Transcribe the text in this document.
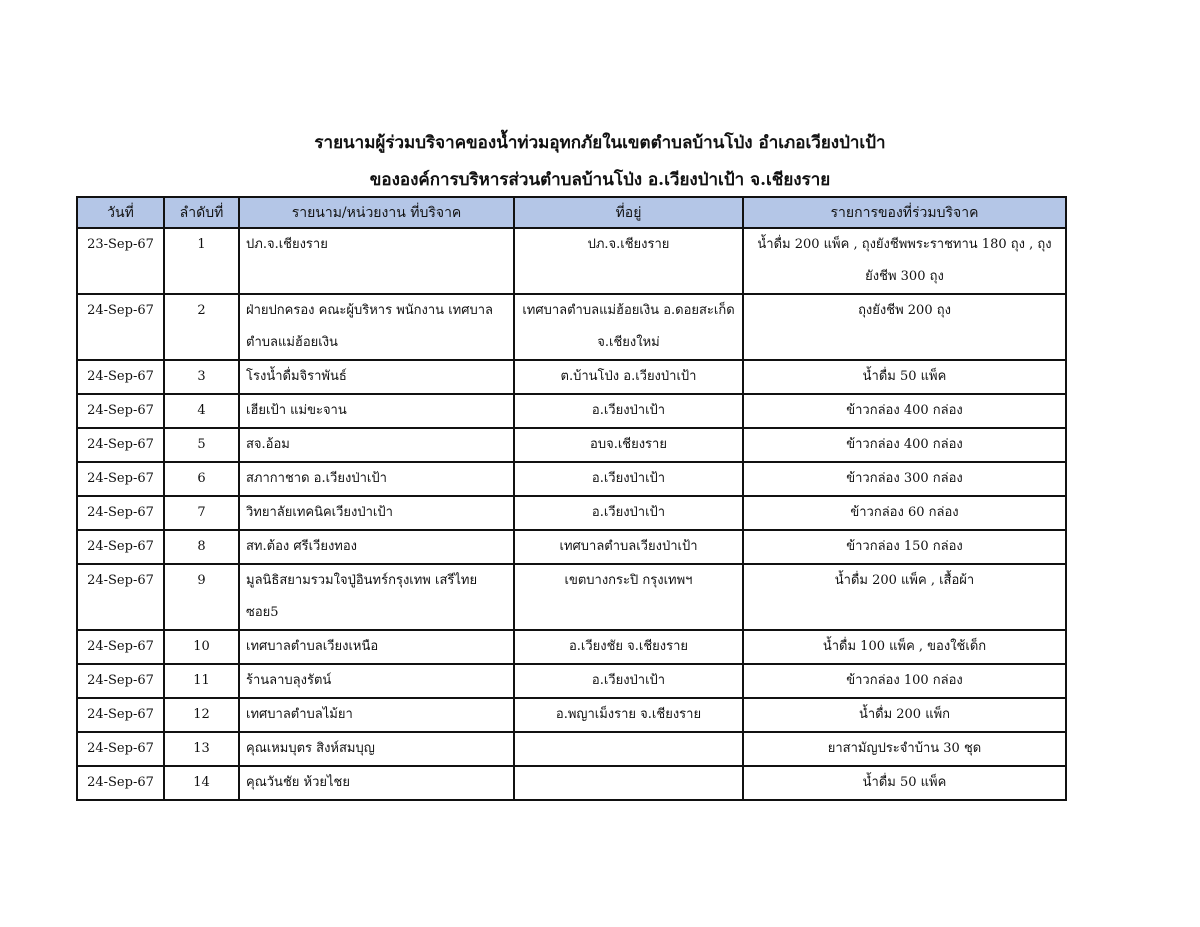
รายนามผู้ร่วมบริจาคของน้ำท่วมอุทกภัยในเขตตำบลบ้านโป่ง อำเภอเวียงป่าเป้า
ขององค์การบริหารส่วนตำบลบ้านโป่ง อ.เวียงป่าเป้า จ.เชียงราย
วันที่	ลำดับที่	รายนาม/หน่วยงาน ที่บริจาค	ที่อยู่	รายการของที่ร่วมบริจาค
23-Sep-67	1	ปภ.จ.เชียงราย	ปภ.จ.เชียงราย	น้ำดื่ม 200 แพ็ค , ถุงยังชีพพระราชทาน 180 ถุง , ถุงยังชีพ 300 ถุง
24-Sep-67	2	ฝ่ายปกครอง คณะผู้บริหาร พนักงาน เทศบาลตำบลแม่ฮ้อยเงิน	เทศบาลตำบลแม่ฮ้อยเงิน อ.ดอยสะเก็ด จ.เชียงใหม่	ถุงยังชีพ 200 ถุง
24-Sep-67	3	โรงน้ำดื่มจิราพันธ์	ต.บ้านโป่ง อ.เวียงป่าเป้า	น้ำดื่ม 50 แพ็ค
24-Sep-67	4	เฮียเป้า แม่ขะจาน	อ.เวียงป่าเป้า	ข้าวกล่อง 400 กล่อง
24-Sep-67	5	สจ.อ้อม	อบจ.เชียงราย	ข้าวกล่อง 400 กล่อง
24-Sep-67	6	สภากาชาด อ.เวียงป่าเป้า	อ.เวียงป่าเป้า	ข้าวกล่อง 300 กล่อง
24-Sep-67	7	วิทยาลัยเทคนิคเวียงป่าเป้า	อ.เวียงป่าเป้า	ข้าวกล่อง 60 กล่อง
24-Sep-67	8	สท.ต้อง ศรีเวียงทอง	เทศบาลตำบลเวียงป่าเป้า	ข้าวกล่อง 150 กล่อง
24-Sep-67	9	มูลนิธิสยามรวมใจปู่อินทร์กรุงเทพ เสรีไทย ซอย5	เขตบางกระปิ กรุงเทพฯ	น้ำดื่ม 200 แพ็ค , เสื้อผ้า
24-Sep-67	10	เทศบาลตำบลเวียงเหนือ	อ.เวียงชัย จ.เชียงราย	น้ำดื่ม 100 แพ็ค , ของใช้เด็ก
24-Sep-67	11	ร้านลาบลุงรัตน์	อ.เวียงป่าเป้า	ข้าวกล่อง 100 กล่อง
24-Sep-67	12	เทศบาลตำบลไม้ยา	อ.พญาเม็งราย จ.เชียงราย	น้ำดื่ม 200 แพ็ก
24-Sep-67	13	คุณเหมบุตร สิงห์สมบุญ		ยาสามัญประจำบ้าน 30 ชุด
24-Sep-67	14	คุณวันชัย ห้วยไชย		น้ำดื่ม 50 แพ็ค
